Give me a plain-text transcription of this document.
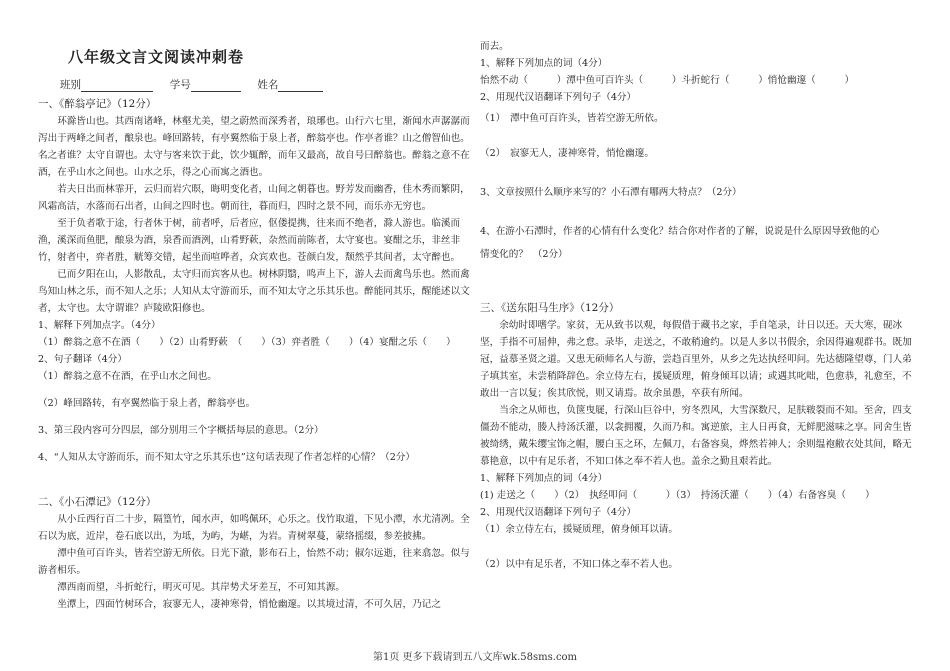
八年级文言文阅读冲刺卷
班别	学号	姓名

一、《醉翁亭记》（12分）

环滁皆山也。其西南诸峰，林壑尤美，望之蔚然而深秀者，琅琊也。山行六七里，渐闻水声潺潺而泻出于两峰之间者，酿泉也。峰回路转，有亭翼然临于泉上者，醉翁亭也。作亭者谁？山之僧智仙也。名之者谁？太守自谓也。太守与客来饮于此，饮少辄醉，而年又最高，故自号曰醉翁也。醉翁之意不在酒，在乎山水之间也。山水之乐，得之心而寓之酒也。

若夫日出而林霏开，云归而岩穴暝，晦明变化者，山间之朝暮也。野芳发而幽香，佳木秀而繁阴，风霜高洁，水落而石出者，山间之四时也。朝而往，暮而归，四时之景不同，而乐亦无穷也。

至于负者歌于途，行者休于树，前者呼，后者应，伛偻提携，往来而不绝者，滁人游也。临溪而渔，溪深而鱼肥，酿泉为酒，泉香而酒洌，山肴野蔌，杂然而前陈者，太守宴也。宴酣之乐，非丝非竹，射者中，弈者胜，觥筹交错，起坐而喧哗者，众宾欢也。苍颜白发，颓然乎其间者，太守醉也。

已而夕阳在山，人影散乱，太守归而宾客从也。树林阴翳，鸣声上下，游人去而禽鸟乐也。然而禽鸟知山林之乐，而不知人之乐；人知从太守游而乐，而不知太守之乐其乐也。醉能同其乐，醒能述以文者，太守也。太守谓谁？庐陵欧阳修也。

1、解释下列加点字。（4分）

（1）醉翁之意不在酒（　　）（2）山肴野蔌　（　　）（3）弈者胜（　　）（4）宴酣之乐（　　）

2、句子翻译（4分）

（1）醉翁之意不在酒，在乎山水之间也。

（2）峰回路转，有亭翼然临于泉上者，醉翁亭也。

3、第三段内容可分四层，部分别用三个字概括每层的意思。（2分）

4、“人知从太守游而乐，而不知太守之乐其乐也”这句话表现了作者怎样的心情？（2分）

二、《小石潭记》（12分）

从小丘西行百二十步，隔篁竹，闻水声，如鸣佩环，心乐之。伐竹取道，下见小潭，水尤清冽。全石以为底，近岸，卷石底以出，为坻，为屿，为嵁，为岩。青树翠蔓，蒙络摇缀，参差披拂。

潭中鱼可百许头，皆若空游无所依。日光下澈，影布石上，怡然不动；俶尔远逝，往来翕忽。似与游者相乐。

潭西南而望，斗折蛇行，明灭可见。其岸势犬牙差互，不可知其源。

坐潭上，四面竹树环合，寂寥无人，凄神寒骨，悄怆幽邃。以其境过清，不可久居，乃记之

而去。

1、解释下列加点的词（4分）

怡然不动（　　　）潭中鱼可百许头（　　　）斗折蛇行（　　　）悄怆幽邃（　　　）

2、用现代汉语翻译下列句子（4分）

（1）　潭中鱼可百许头，皆若空游无所依。

（2）　寂寥无人，凄神寒骨，悄怆幽邃。

3、文章按照什么顺序来写的？小石潭有哪两大特点？（2分）

4、在游小石潭时，作者的心情有什么变化？结合你对作者的了解，说说是什么原因导致他的心

情变化的？　（2分）

三、《送东阳马生序》（12分）

余幼时即嗜学。家贫，无从致书以观，每假借于藏书之家，手自笔录，计日以还。天大寒，砚冰坚，手指不可屈伸，弗之怠。录毕，走送之，不敢稍逾约。以是人多以书假余，余因得遍观群书。既加冠，益慕圣贤之道。又患无硕师名人与游，尝趋百里外，从乡之先达执经叩问。先达德隆望尊，门人弟子填其室，未尝稍降辞色。余立侍左右，援疑质理，俯身倾耳以请；或遇其叱咄，色愈恭，礼愈至，不敢出一言以复；俟其欣悦，则又请焉。故余虽愚，卒获有所闻。

当余之从师也，负箧曳屣，行深山巨谷中，穷冬烈风，大雪深数尺，足肤皲裂而不知。至舍，四支僵劲不能动，媵人持汤沃灌，以衾拥覆，久而乃和。寓逆旅，主人日再食，无鲜肥滋味之享。同舍生皆被绮绣，戴朱缨宝饰之帽，腰白玉之环，左佩刀，右备容臭，烨然若神人；余则缊袍敝衣处其间，略无慕艳意，以中有足乐者，不知口体之奉不若人也。盖余之勤且艰若此。

1、解释下列加点的词（4分）

(1) 走送之（　　）（2）　执经叩问（　　　）（3）　持汤沃灌（　　）（4）右备容臭（　　）

2、用现代汉语翻译下列句子（4分）

（1）余立侍左右，援疑质理，俯身倾耳以请。

（2）以中有足乐者，不知口体之奉不若人也。

第1页 更多下载请到五八文库wk.58sms.com
